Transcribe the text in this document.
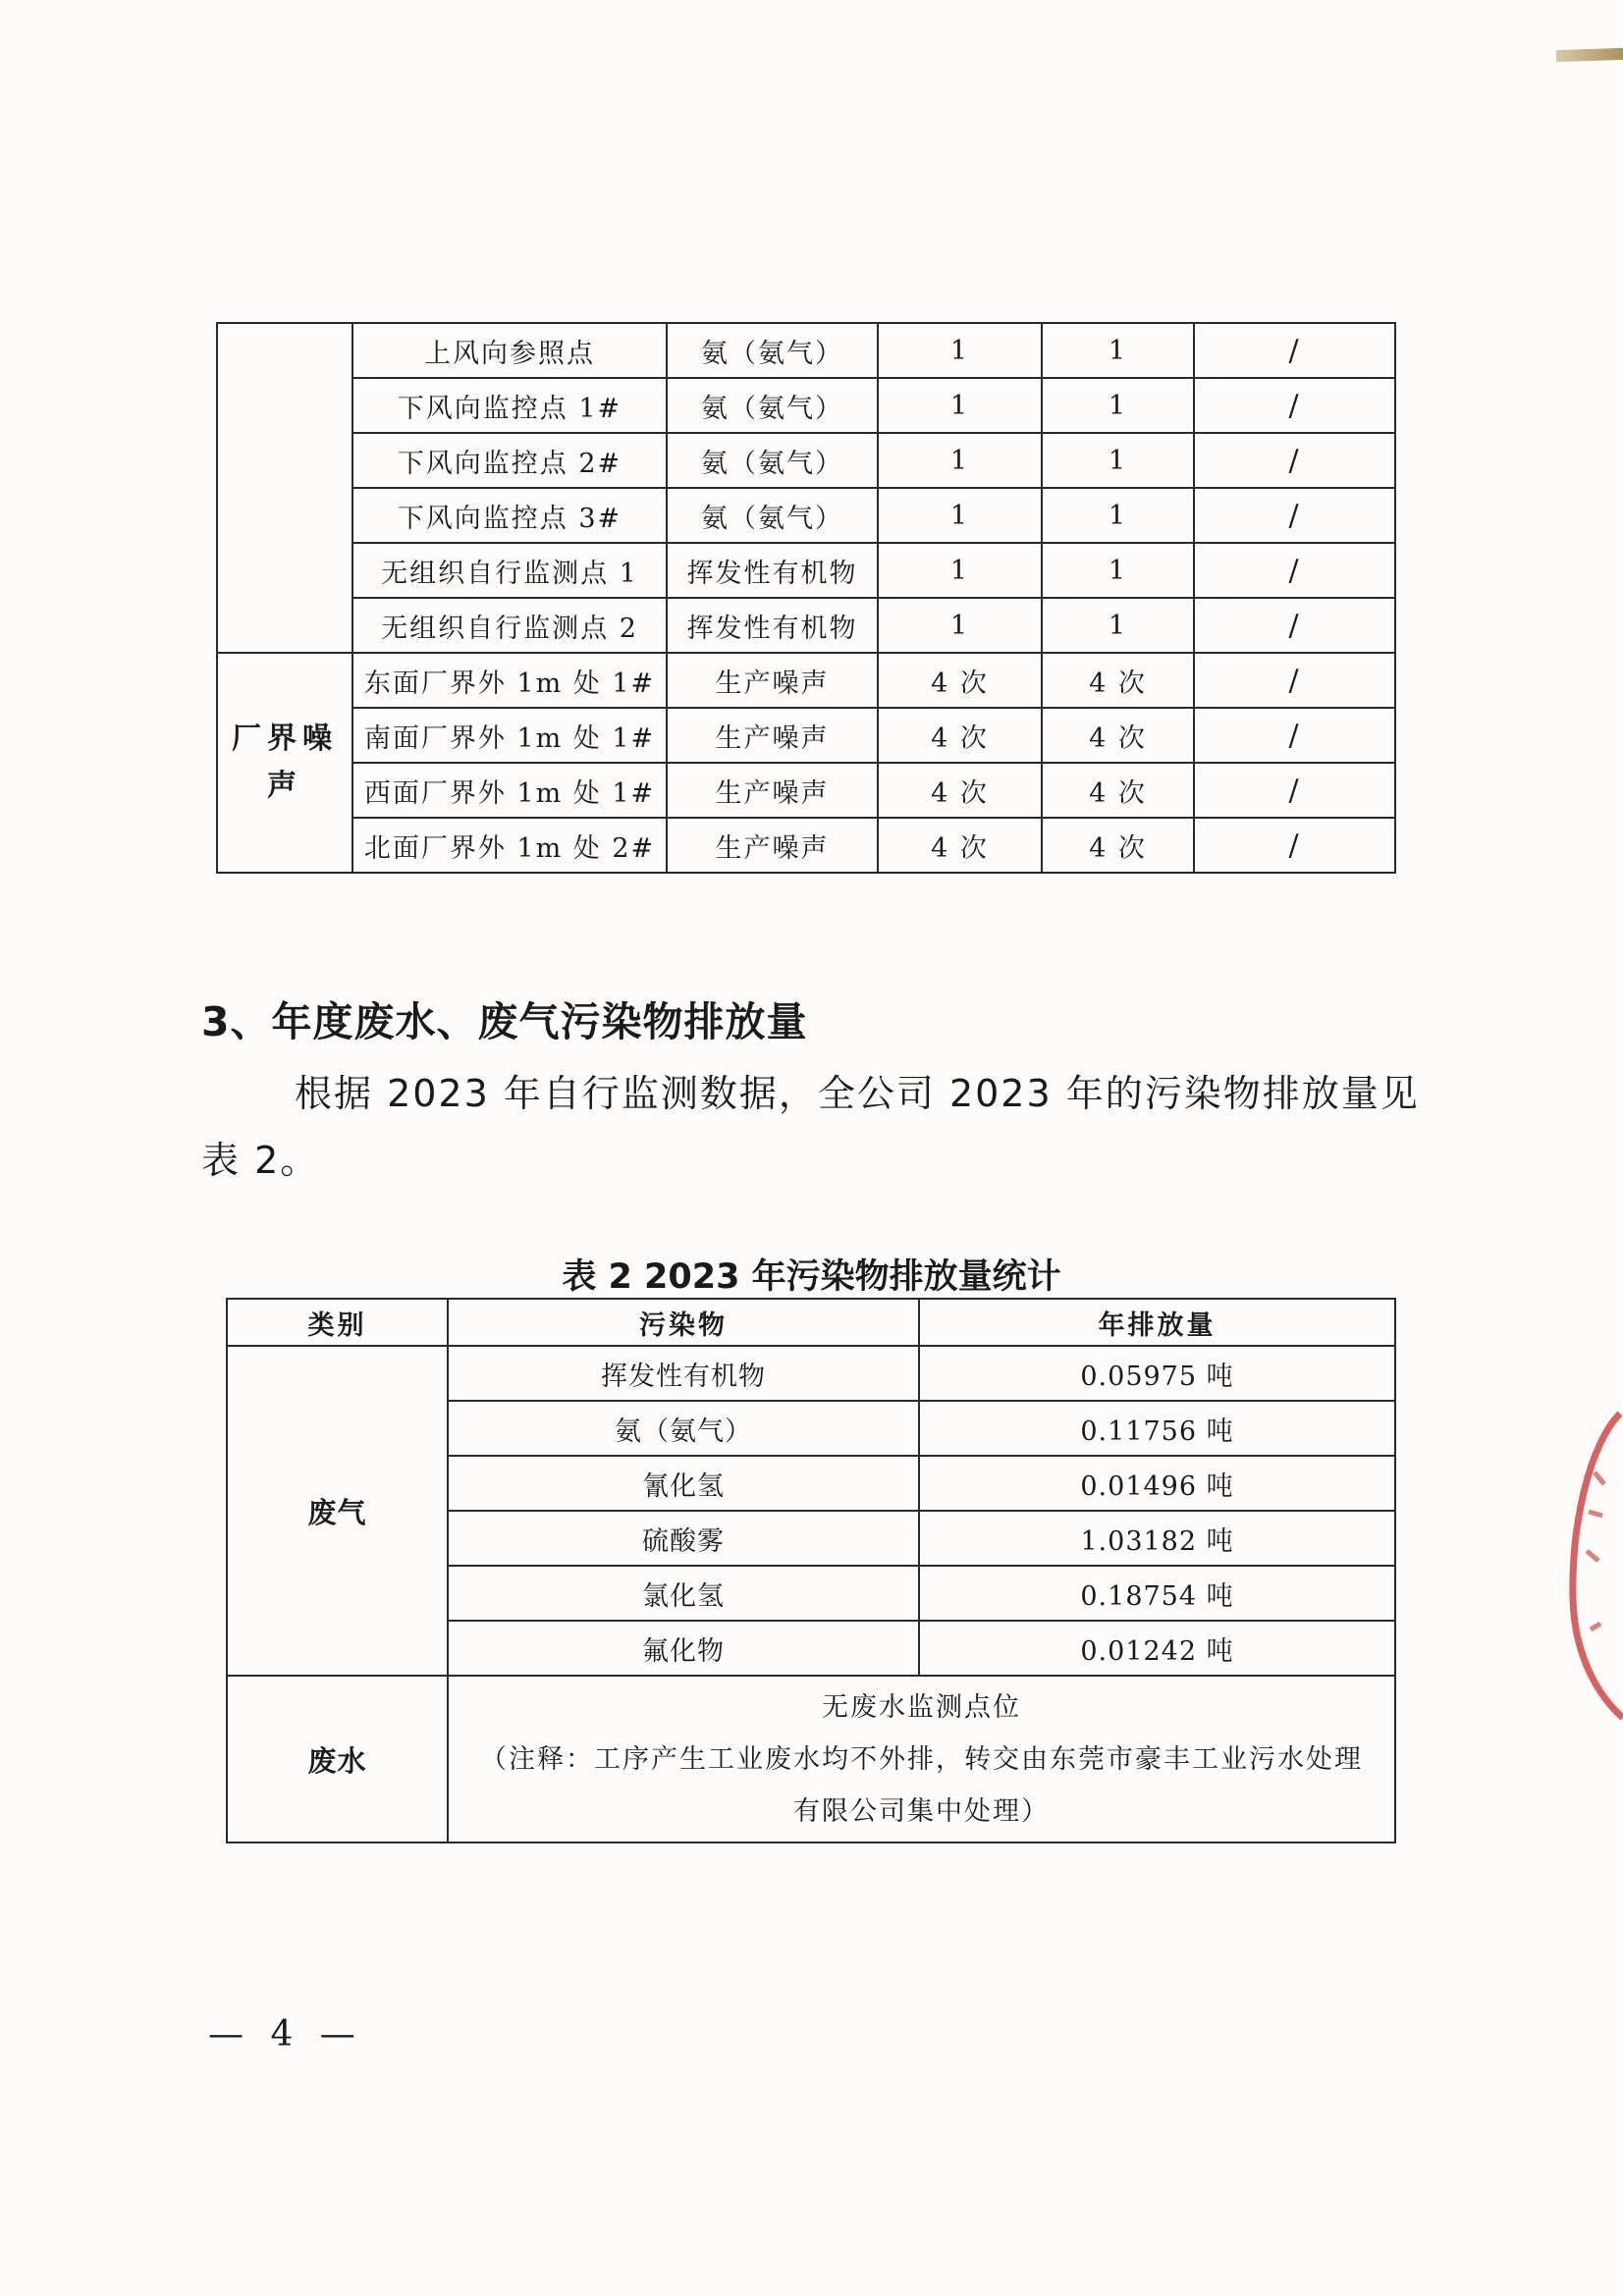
	上风向参照点	氨（氨气）	1	1	/
	下风向监控点 1#	氨（氨气）	1	1	/
	下风向监控点 2#	氨（氨气）	1	1	/
	下风向监控点 3#	氨（氨气）	1	1	/
	无组织自行监测点 1	挥发性有机物	1	1	/
	无组织自行监测点 2	挥发性有机物	1	1	/

厂界噪
声	东面厂界外 1m 处 1#	生产噪声	4 次	4 次	/
	南面厂界外 1m 处 1#	生产噪声	4 次	4 次	/
	西面厂界外 1m 处 1#	生产噪声	4 次	4 次	/
	北面厂界外 1m 处 2#	生产噪声	4 次	4 次	/
3、年度废水、废气污染物排放量

根据 2023 年自行监测数据，全公司 2023 年的污染物排放量见表 2。

表 2 2023 年污染物排放量统计
类别	污染物	年排放量
废气	挥发性有机物	0.05975 吨
	氨（氨气）	0.11756 吨
	氰化氢	0.01496 吨
	硫酸雾	1.03182 吨
	氯化氢	0.18754 吨
	氟化物	0.01242 吨
废水	无废水监测点位
（注释：工序产生工业废水均不外排，转交由东莞市豪丰工业污水处理
有限公司集中处理）	
— 4 —
